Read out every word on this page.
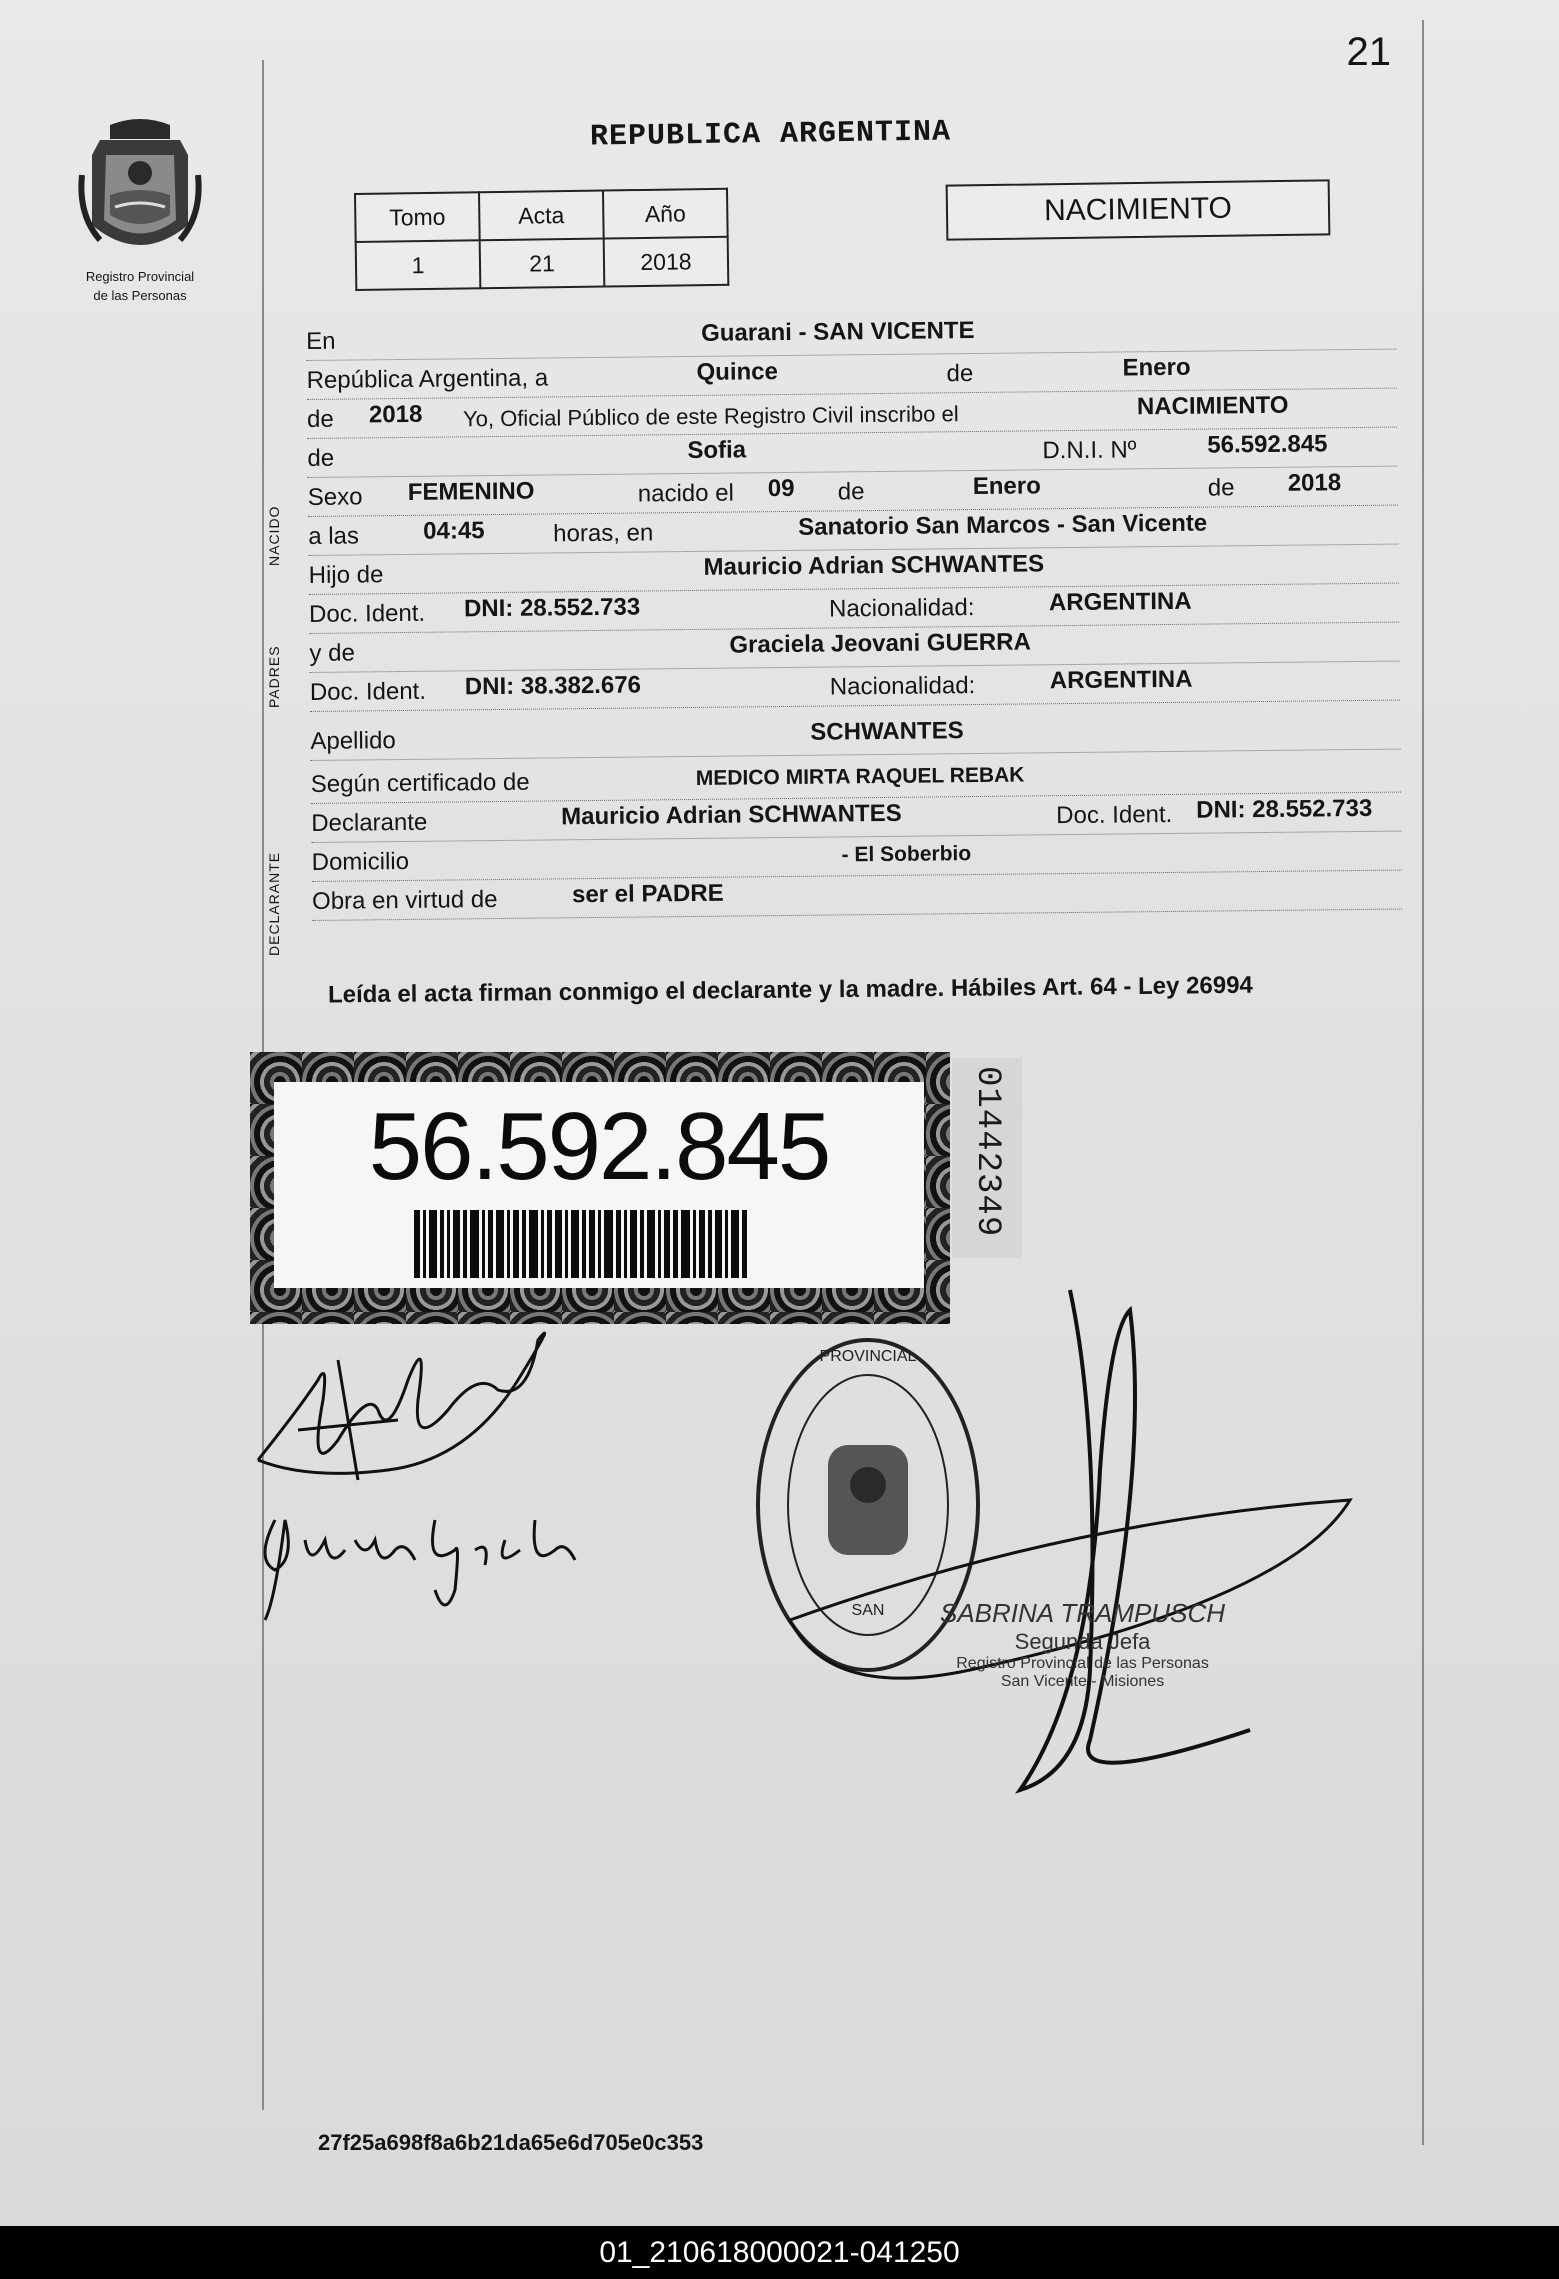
21
Registro Provincial
de las Personas
REPUBLICA ARGENTINA
Tomo	Acta	Año
1	21	2018
NACIMIENTO
NACIDO
PADRES
DECLARANTE
En	Guarani - SAN VICENTE
República Argentina, a	Quince	de	Enero
de 2018 Yo, Oficial Público de este Registro Civil inscribo el	NACIMIENTO
de	Sofia	D.N.I. Nº	56.592.845
Sexo FEMENINO	nacido el 09 de	Enero	de 2018
a las	04:45	horas, en	Sanatorio San Marcos - San Vicente
Hijo de	Mauricio Adrian SCHWANTES
Doc. Ident. DNI: 28.552.733	Nacionalidad:	ARGENTINA
y de	Graciela Jeovani GUERRA
Doc. Ident. DNI: 38.382.676	Nacionalidad:	ARGENTINA
Apellido	SCHWANTES
Según certificado de	MEDICO MIRTA RAQUEL REBAK
Declarante	Mauricio Adrian SCHWANTES	Doc. Ident. DNI: 28.552.733
Domicilio	- El Soberbio
Obra en virtud de	ser el PADRE
Leída el acta firman conmigo el declarante y la madre. Hábiles Art. 64 - Ley 26994
56.592.845	01442349
PROVINCIAL
SAN SABRINA TRAMPUSCH
Segunda Jefa
Registro Provincial de las Personas
San Vicente - Misiones
27f25a698f8a6b21da65e6d705e0c353
01_210618000021-041250
